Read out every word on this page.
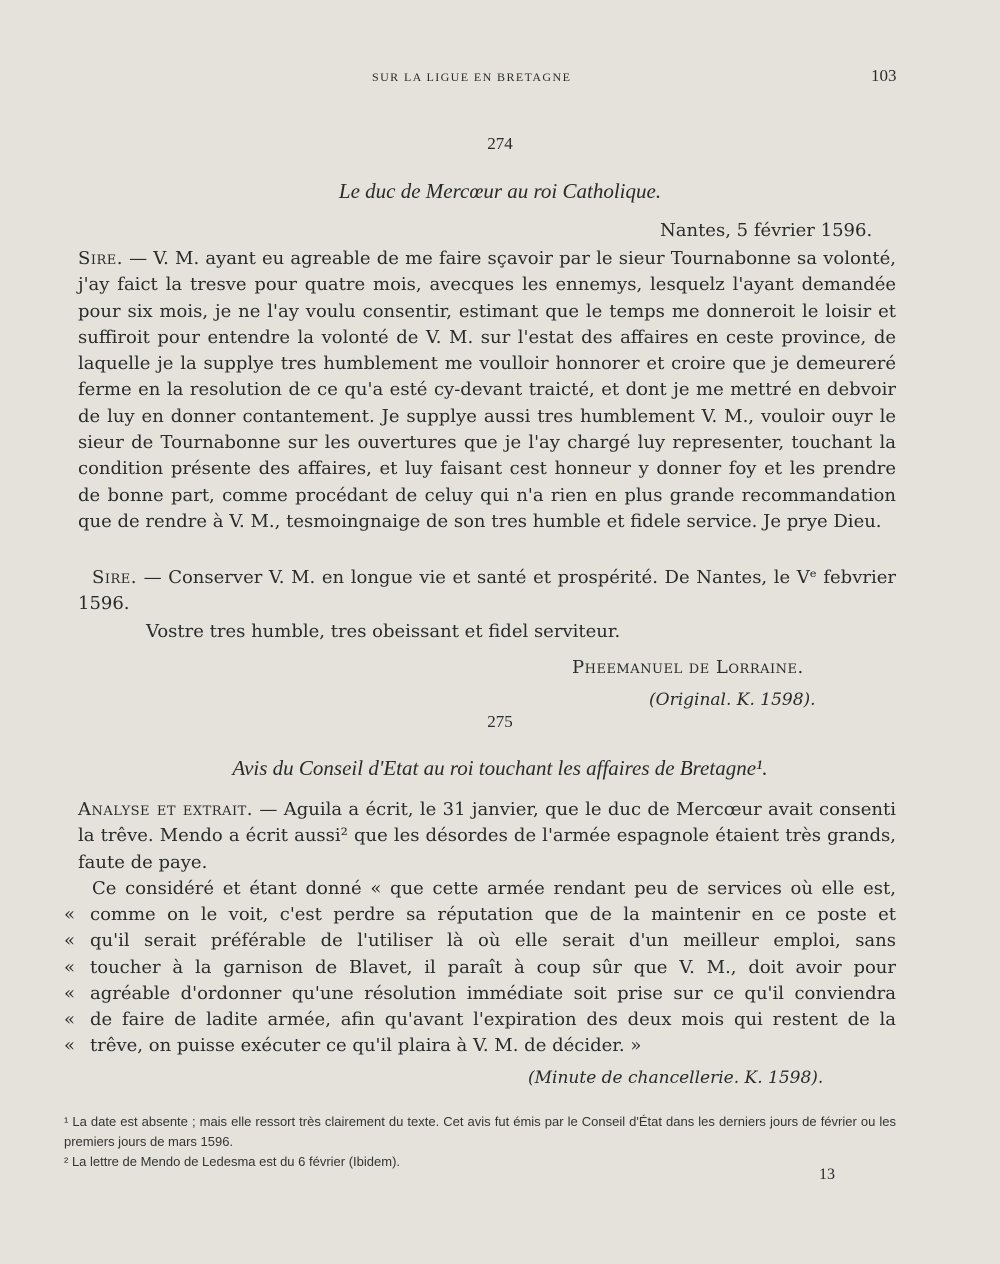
SUR LA LIGUE EN BRETAGNE	103
274
Le duc de Mercœur au roi Catholique.
Nantes, 5 février 1596.

Sire. — V. M. ayant eu agreable de me faire sçavoir par le sieur Tournabonne sa volonté, j'ay faict la tresve pour quatre mois, avecques les ennemys, lesquelz l'ayant demandée pour six mois, je ne l'ay voulu consentir, estimant que le temps me donneroit le loisir et suffiroit pour entendre la volonté de V. M. sur l'estat des affaires en ceste province, de laquelle je la supplye tres humblement me voulloir honnorer et croire que je demeureré ferme en la resolution de ce qu'a esté cy-devant traicté, et dont je me mettré en debvoir de luy en donner contantement. Je supplye aussi tres humblement V. M., vouloir ouyr le sieur de Tournabonne sur les ouvertures que je l'ay chargé luy representer, touchant la condition présente des affaires, et luy faisant cest honneur y donner foy et les prendre de bonne part, comme procédant de celuy qui n'a rien en plus grande recommandation que de rendre à V. M., tesmoingnaige de son tres humble et fidele service. Je prye Dieu.

Sire. — Conserver V. M. en longue vie et santé et prospérité. De Nantes, le Vᵉ febvrier 1596.

Vostre tres humble, tres obeissant et fidel serviteur.
Pheemanuel de Lorraine.
(Original. K. 1598).
275
Avis du Conseil d'Etat au roi touchant les affaires de Bretagne¹.

Analyse et extrait. — Aguila a écrit, le 31 janvier, que le duc de Mercœur avait consenti la trêve. Mendo a écrit aussi² que les désordes de l'armée espagnole étaient très grands, faute de paye.

Ce considéré et étant donné « que cette armée rendant peu de services où elle est,

« comme on le voit, c'est perdre sa réputation que de la maintenir en ce poste et
« qu'il serait préférable de l'utiliser là où elle serait d'un meilleur emploi, sans
« toucher à la garnison de Blavet, il paraît à coup sûr que V. M., doit avoir pour
« agréable d'ordonner qu'une résolution immédiate soit prise sur ce qu'il conviendra
« de faire de ladite armée, afin qu'avant l'expiration des deux mois qui restent de la
« trêve, on puisse exécuter ce qu'il plaira à V. M. de décider. »
(Minute de chancellerie. K. 1598).

¹ La date est absente ; mais elle ressort très clairement du texte. Cet avis fut émis par le Conseil d'État dans les derniers jours de février ou les premiers jours de mars 1596.

² La lettre de Mendo de Ledesma est du 6 février (Ibidem).

13
